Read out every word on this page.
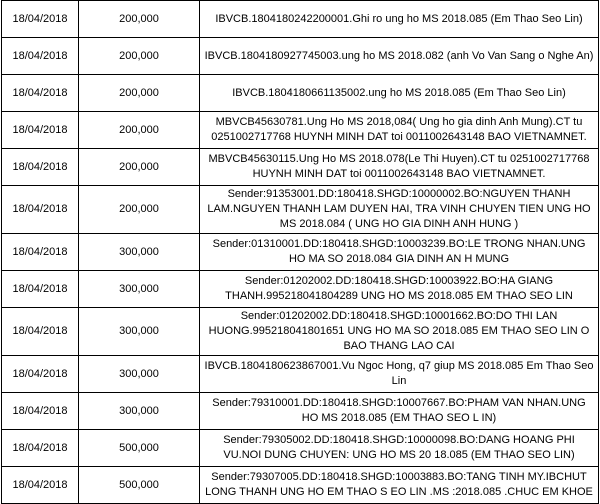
18/04/2018	200,000	IBVCB.1804180242200001.Ghi ro ung ho MS 2018.085 (Em Thao Seo Lin)
18/04/2018	200,000	IBVCB.1804180927745003.ung ho MS 2018.082 (anh Vo Van Sang o Nghe An)
18/04/2018	200,000	IBVCB.1804180661135002.ung ho MS 2018.085 (Em Thao Seo Lin)
18/04/2018	200,000	MBVCB45630781.Ung Ho MS 2018,084( Ung ho gia dinh Anh Mung).CT tu 0251002717768 HUYNH MINH DAT toi 0011002643148 BAO VIETNAMNET.
18/04/2018	200,000	MBVCB45630115.Ung Ho MS 2018.078(Le Thi Huyen).CT tu 0251002717768 HUYNH MINH DAT toi 0011002643148 BAO VIETNAMNET.
18/04/2018	200,000	Sender:91353001.DD:180418.SHGD:10000002.BO:NGUYEN THANH LAM.NGUYEN THANH LAM DUYEN HAI, TRA VINH CHUYEN TIEN UNG HO MS 2018.084 ( UNG HO GIA DINH ANH HUNG )
18/04/2018	300,000	Sender:01310001.DD:180418.SHGD:10003239.BO:LE TRONG NHAN.UNG HO MA SO 2018.084 GIA DINH AN H MUNG
18/04/2018	300,000	Sender:01202002.DD:180418.SHGD:10003922.BO:HA GIANG THANH.995218041804289 UNG HO MS 2018.085 EM THAO SEO LIN
18/04/2018	300,000	Sender:01202002.DD:180418.SHGD:10001662.BO:DO THI LAN HUONG.995218041801651 UNG HO MA SO 2018.085 EM THAO SEO LIN O BAO THANG LAO CAI
18/04/2018	300,000	IBVCB.1804180623867001.Vu Ngoc Hong, q7 giup MS 2018.085 Em Thao Seo Lin
18/04/2018	300,000	Sender:79310001.DD:180418.SHGD:10007667.BO:PHAM VAN NHAN.UNG HO MS 2018.085 (EM THAO SEO L IN)
18/04/2018	500,000	Sender:79305002.DD:180418.SHGD:10000098.BO:DANG HOANG PHI VU.NOI DUNG CHUYEN: UNG HO MS 20 18.085 (EM THAO SEO LIN)
18/04/2018	500,000	Sender:79307005.DD:180418.SHGD:10003883.BO:TANG TINH MY.IBCHUT LONG THANH UNG HO EM THAO S EO LIN .MS :2018.085 .CHUC EM KHOE
